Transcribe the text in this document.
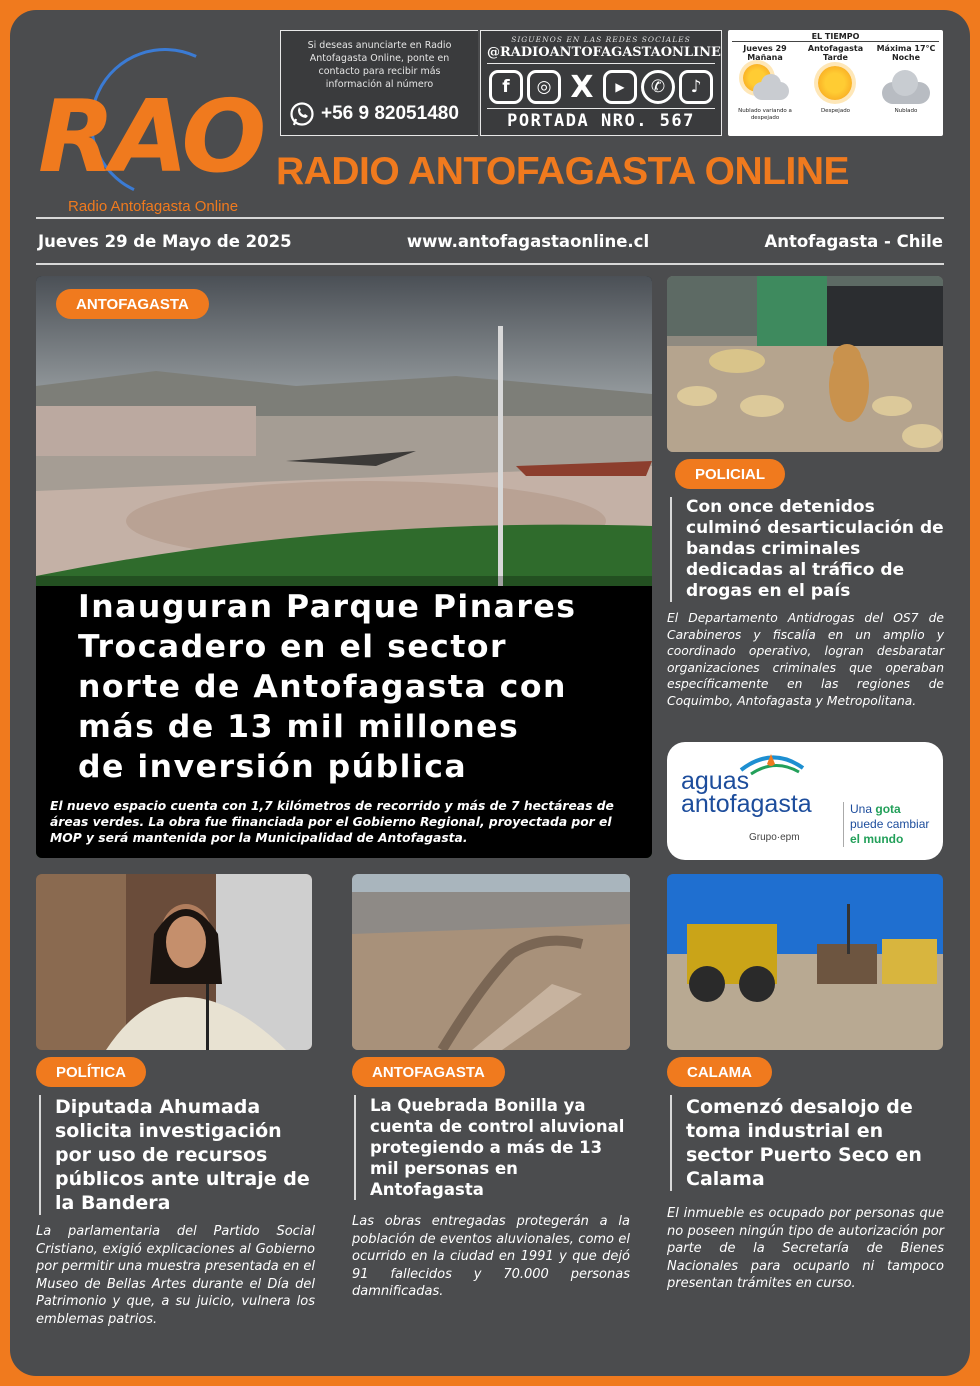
RAO
Radio Antofagasta Online
Si deseas anunciarte en Radio Antofagasta Online, ponte en contacto para recibir más información al número
+56 9 82051480
SIGUENOS EN LAS REDES SOCIALES
@RADIOANTOFAGASTAONLINE
f	◎ X	▶	✆	♪
PORTADA NRO. 567
EL TIEMPO
Jueves 29
Mañana
Nublado variando a despejado
Antofagasta
Tarde
Despejado
Máxima 17°C
Noche
Nublado
RADIO ANTOFAGASTA ONLINE
Jueves 29 de Mayo de 2025	www.antofagastaonline.cl	Antofagasta - Chile
ANTOFAGASTA
Inauguran Parque Pinares
Trocadero en el sector
norte de Antofagasta con
más de 13 mil millones
de inversión pública
El nuevo espacio cuenta con 1,7 kilómetros de recorrido y más de 7 hectáreas de áreas verdes. La obra fue financiada por el Gobierno Regional, proyectada por el MOP y será mantenida por la Municipalidad de Antofagasta.
POLICIAL
Con once detenidos culminó desarticulación de bandas criminales dedicadas al tráfico de drogas en el país
El Departamento Antidrogas del OS7 de Carabineros y fiscalía en un amplio y coordinado operativo, logran desbaratar organizaciones criminales que operaban específicamente en las regiones de Coquimbo, Antofagasta y Metropolitana.
aguas
antofagasta
Grupo·epm
Una gota
puede cambiar
el mundo
POLÍTICA
Diputada Ahumada solicita investigación por uso de recursos públicos ante ultraje de la Bandera
La parlamentaria del Partido Social Cristiano, exigió explicaciones al Gobierno por permitir una muestra presentada en el Museo de Bellas Artes durante el Día del Patrimonio y que, a su juicio, vulnera los emblemas patrios.
ANTOFAGASTA
La Quebrada Bonilla ya cuenta de control aluvional protegiendo a más de 13 mil personas en Antofagasta
Las obras entregadas protegerán a la población de eventos aluvionales, como el ocurrido en la ciudad en 1991 y que dejó 91 fallecidos y 70.000 personas damnificadas.
CALAMA
Comenzó desalojo de toma industrial en sector Puerto Seco en Calama
El inmueble es ocupado por personas que no poseen ningún tipo de autorización por parte de la Secretaría de Bienes Nacionales para ocuparlo ni tampoco presentan trámites en curso.
